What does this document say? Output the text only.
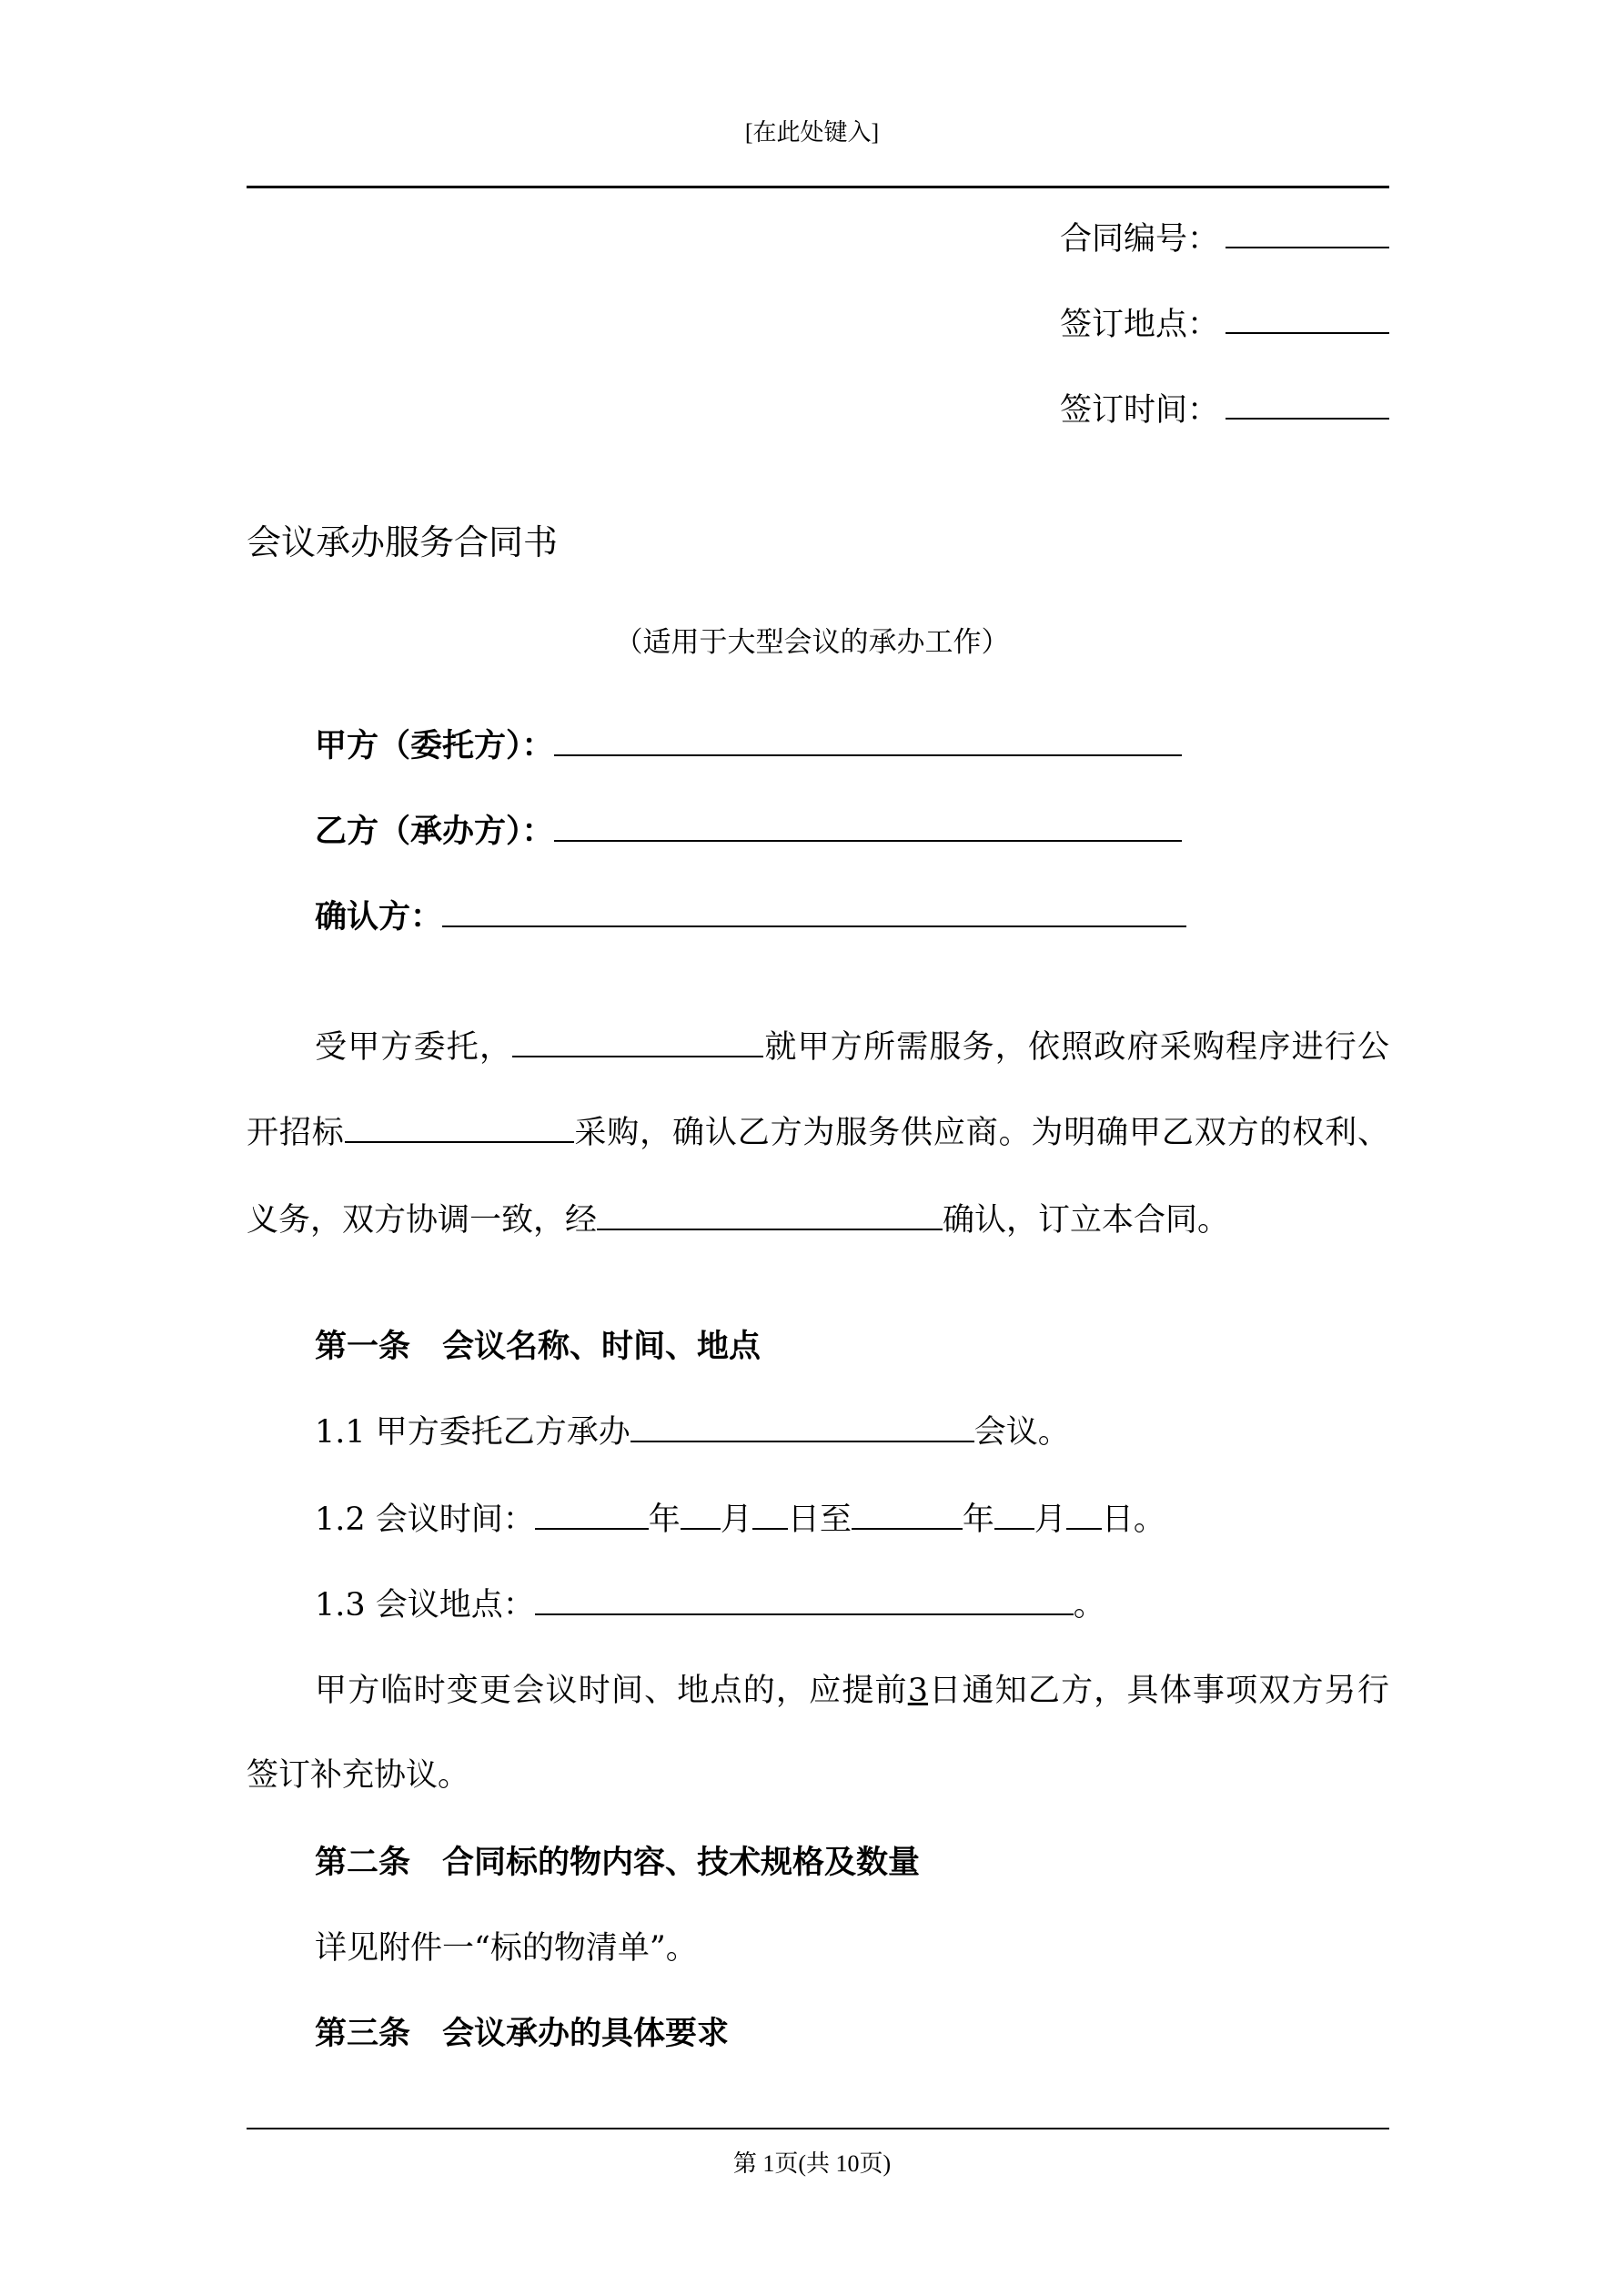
[在此处键入]
合同编号：
签订地点：
签订时间：
会议承办服务合同书
（适用于大型会议的承办工作）
甲方（委托方）：
乙方（承办方）：
确认方：
受甲方委托，	就甲方所需服务，依照政府采购程序进行公
开招标	采购，确认乙方为服务供应商。为明确甲乙双方的权利、
义务，双方协调一致，经	确认，订立本合同。
第一条　会议名称、时间、地点
1.1 甲方委托乙方承办	会议。
1.2 会议时间：	年 月 日至	年 月 日。
1.3 会议地点：	。
甲方临时变更会议时间、地点的，应提前3日通知乙方，具体事项双方另行
签订补充协议。
第二条　合同标的物内容、技术规格及数量
详见附件一“标的物清单”。
第三条　会议承办的具体要求
第 1页(共 10页)
